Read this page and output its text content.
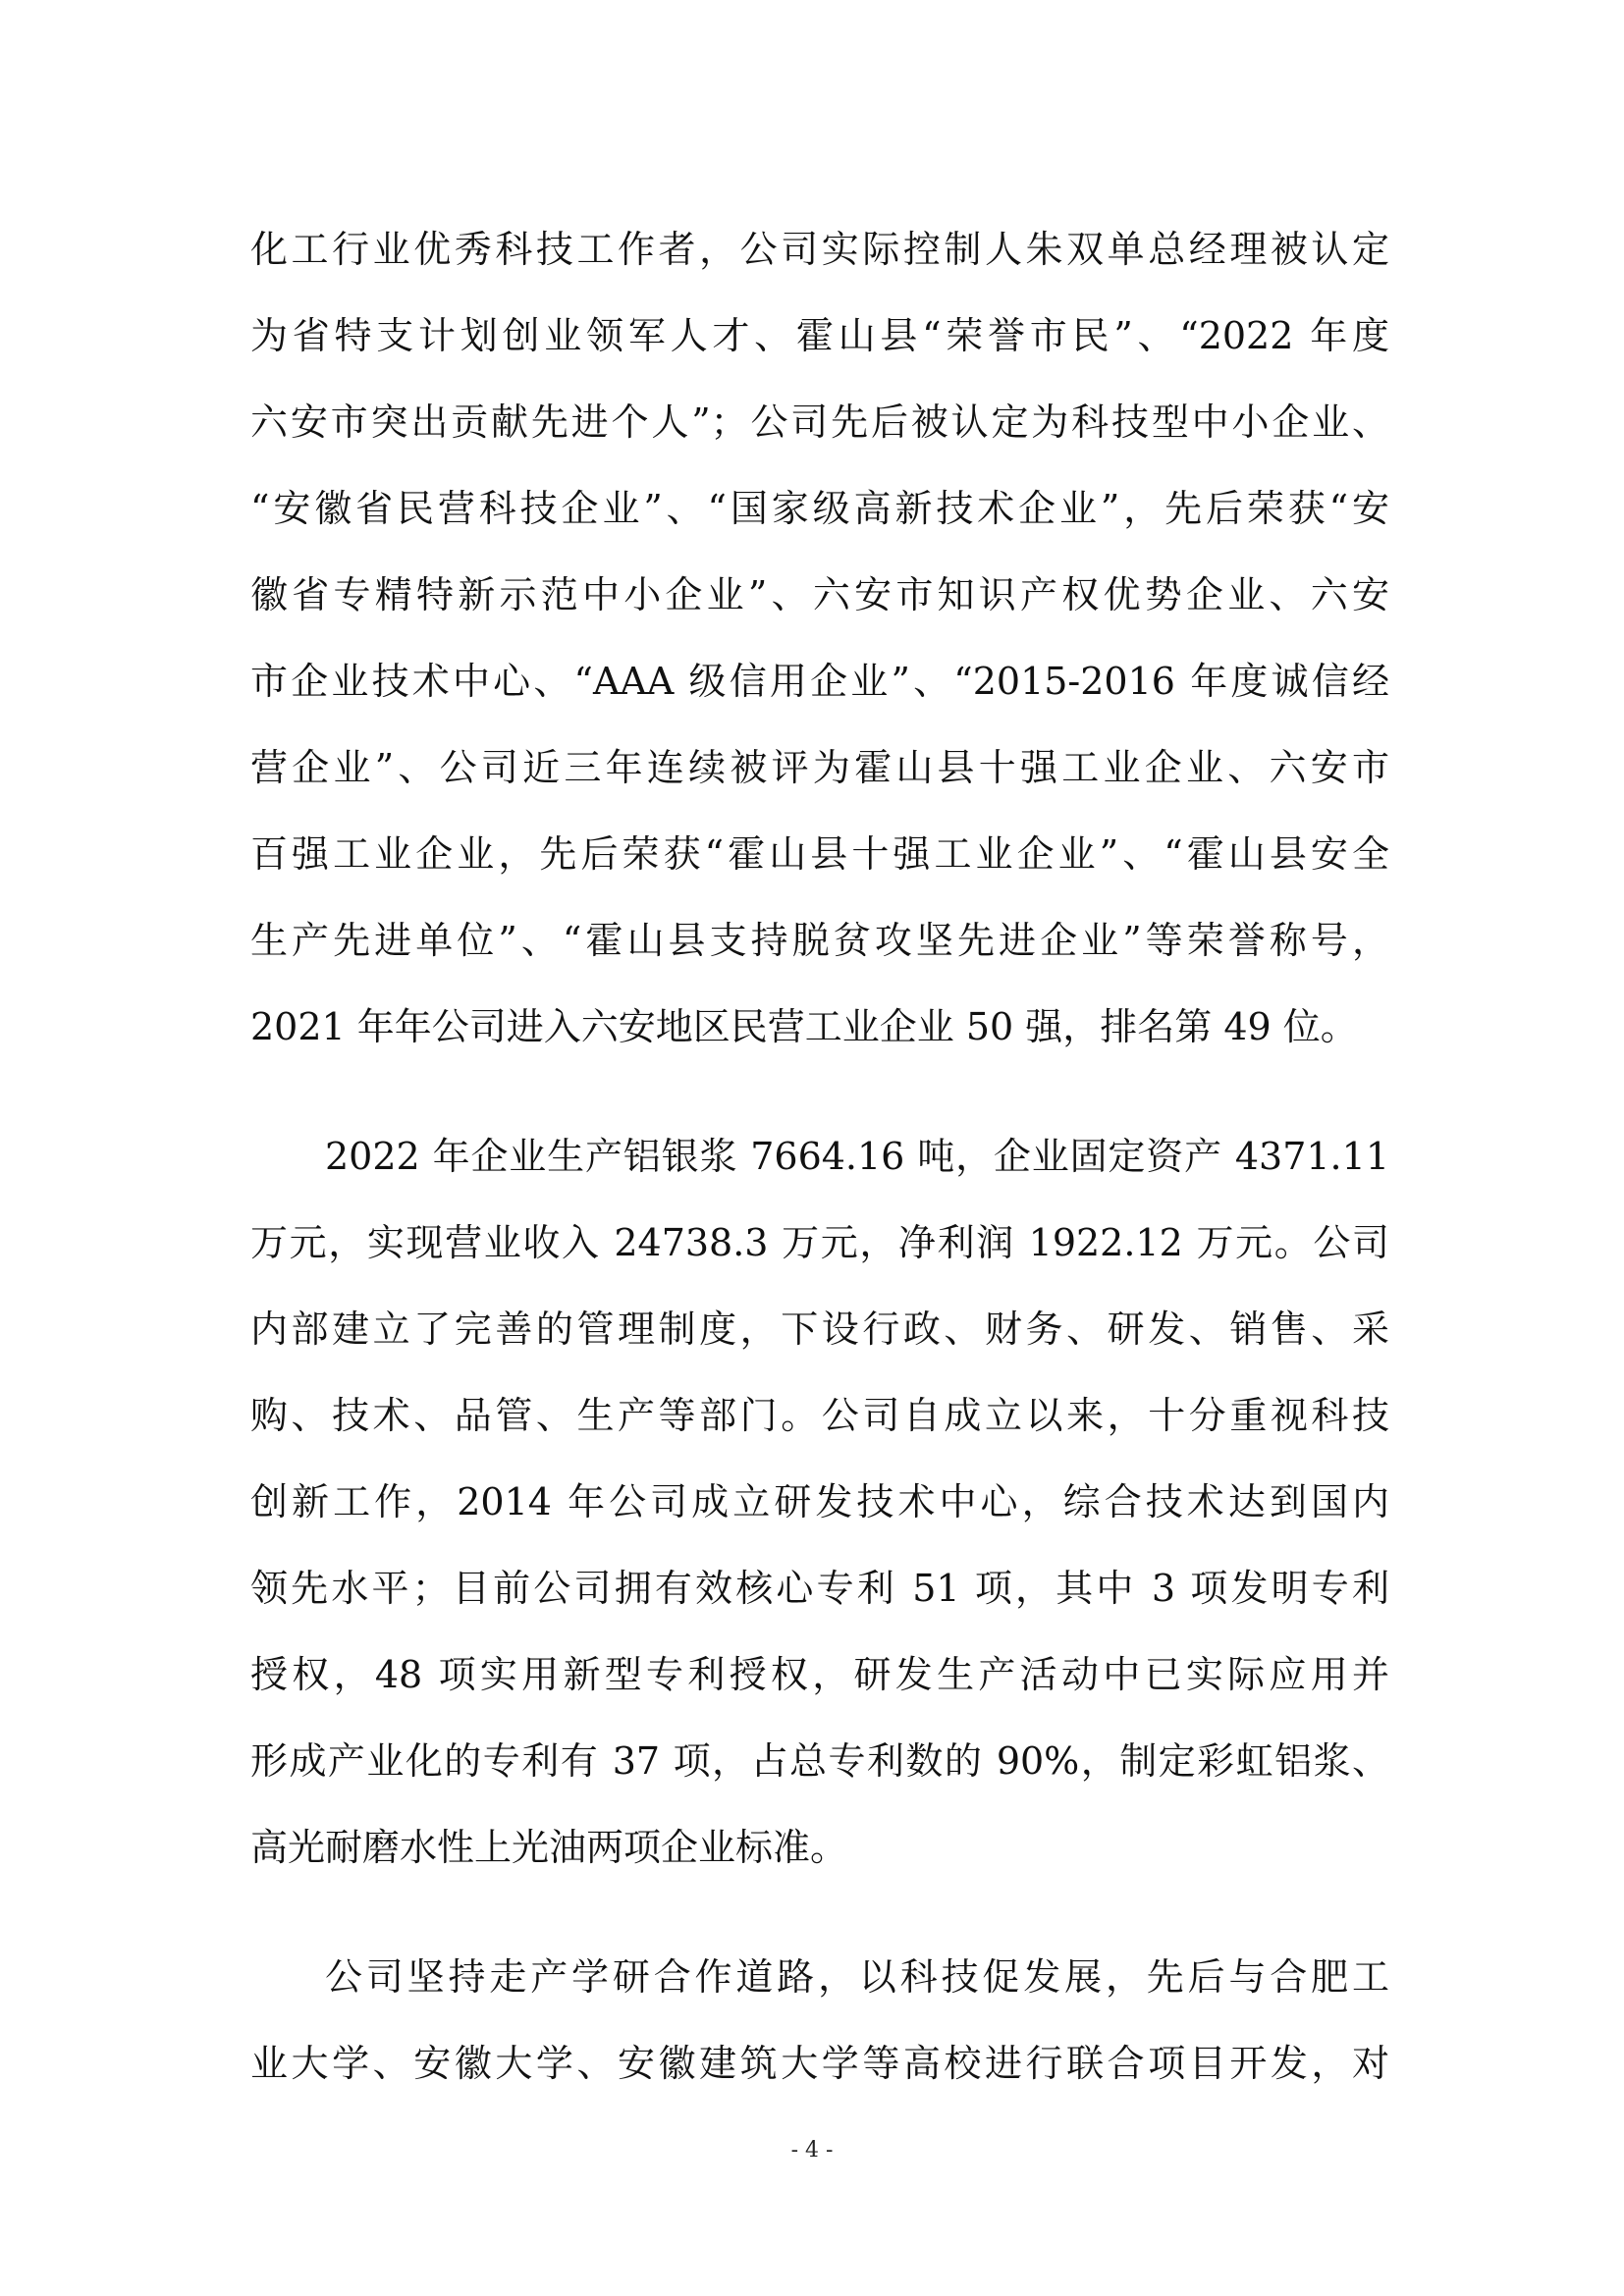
化工行业优秀科技工作者，公司实际控制人朱双单总经理被认定
为省特支计划创业领军人才、霍山县“荣誉市民”、“2022 年度
六安市突出贡献先进个人”；公司先后被认定为科技型中小企业、
“安徽省民营科技企业”、“国家级高新技术企业”，先后荣获“安
徽省专精特新示范中小企业”、六安市知识产权优势企业、六安
市企业技术中心、“AAA 级信用企业”、“2015-2016 年度诚信经
营企业”、公司近三年连续被评为霍山县十强工业企业、六安市
百强工业企业，先后荣获“霍山县十强工业企业”、“霍山县安全
生产先进单位”、“霍山县支持脱贫攻坚先进企业”等荣誉称号，
2021 年年公司进入六安地区民营工业企业 50 强，排名第 49 位。
2022 年企业生产铝银浆 7664.16 吨，企业固定资产 4371.11
万元，实现营业收入 24738.3 万元，净利润 1922.12 万元。公司
内部建立了完善的管理制度，下设行政、财务、研发、销售、采
购、技术、品管、生产等部门。公司自成立以来，十分重视科技
创新工作，2014 年公司成立研发技术中心，综合技术达到国内
领先水平；目前公司拥有效核心专利 51 项，其中 3 项发明专利
授权，48 项实用新型专利授权，研发生产活动中已实际应用并
形成产业化的专利有 37 项，占总专利数的 90%，制定彩虹铝浆、
高光耐磨水性上光油两项企业标准。
公司坚持走产学研合作道路，以科技促发展，先后与合肥工
业大学、安徽大学、安徽建筑大学等高校进行联合项目开发，对
- 4 -
